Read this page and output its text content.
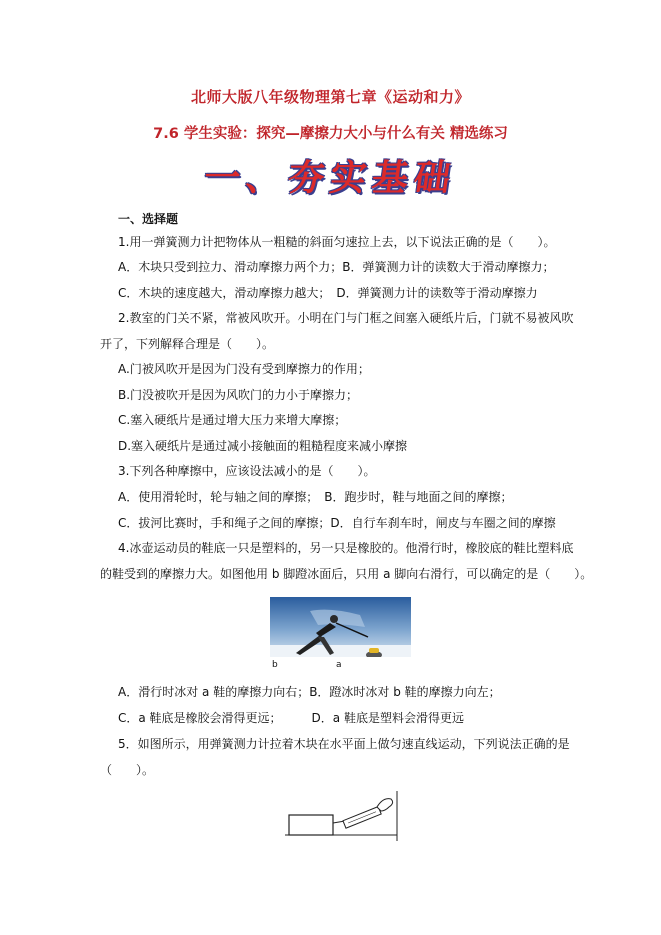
北师大版八年级物理第七章《运动和力》
7.6 学生实验：探究—摩擦力大小与什么有关 精选练习
一、夯实基础
一、选择题
1.用一弹簧测力计把物体从一粗糙的斜面匀速拉上去，以下说法正确的是（　　）。
A．木块只受到拉力、滑动摩擦力两个力；B．弹簧测力计的读数大于滑动摩擦力；
C．木块的速度越大，滑动摩擦力越大；　D．弹簧测力计的读数等于滑动摩擦力
2.教室的门关不紧，常被风吹开。小明在门与门框之间塞入硬纸片后，门就不易被风吹
开了，下列解释合理是（　　）。
A.门被风吹开是因为门没有受到摩擦力的作用；
B.门没被吹开是因为风吹门的力小于摩擦力；
C.塞入硬纸片是通过增大压力来增大摩擦；
D.塞入硬纸片是通过减小接触面的粗糙程度来减小摩擦
3.下列各种摩擦中，应该设法减小的是（　　）。
A．使用滑轮时，轮与轴之间的摩擦；　B．跑步时，鞋与地面之间的摩擦；
C．拔河比赛时，手和绳子之间的摩擦；D．自行车刹车时，闸皮与车圈之间的摩擦
4.冰壶运动员的鞋底一只是塑料的，另一只是橡胶的。他滑行时，橡胶底的鞋比塑料底
的鞋受到的摩擦力大。如图他用 b 脚蹬冰面后，只用 a 脚向右滑行，可以确定的是（　　）。
b	a
A．滑行时冰对 a 鞋的摩擦力向右；B．蹬冰时冰对 b 鞋的摩擦力向左；
C．a 鞋底是橡胶会滑得更远；　　　D．a 鞋底是塑料会滑得更远
5．如图所示，用弹簧测力计拉着木块在水平面上做匀速直线运动，下列说法正确的是
（　　）。
